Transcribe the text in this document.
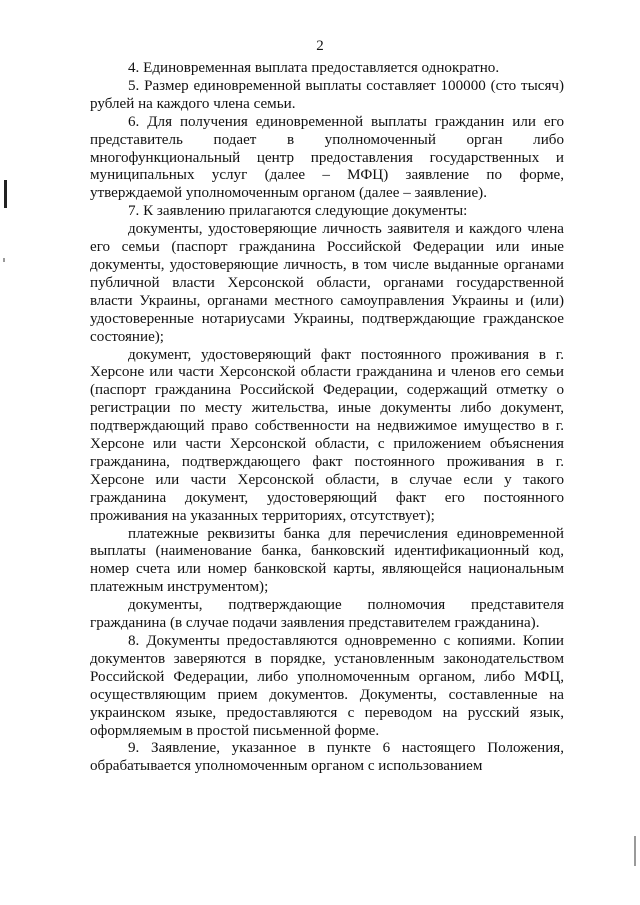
2

4. Единовременная выплата предоставляется однократно.

5. Размер единовременной выплаты составляет 100000 (сто тысяч) рублей на каждого члена семьи.

6. Для получения единовременной выплаты гражданин или его представитель подает в уполномоченный орган либо многофункциональный центр предоставления государственных и муниципальных услуг (далее – МФЦ) заявление по форме, утверждаемой уполномоченным органом (далее – заявление).

7. К заявлению прилагаются следующие документы:

документы, удостоверяющие личность заявителя и каждого члена его семьи (паспорт гражданина Российской Федерации или иные документы, удостоверяющие личность, в том числе выданные органами публичной власти Херсонской области, органами государственной власти Украины, органами местного самоуправления Украины и (или) удостоверенные нотариусами Украины, подтверждающие гражданское состояние);

документ, удостоверяющий факт постоянного проживания в г. Херсоне или части Херсонской области гражданина и членов его семьи (паспорт гражданина Российской Федерации, содержащий отметку о регистрации по месту жительства, иные документы либо документ, подтверждающий право собственности на недвижимое имущество в г. Херсоне или части Херсонской области, с приложением объяснения гражданина, подтверждающего факт постоянного проживания в г. Херсоне или части Херсонской области, в случае если у такого гражданина документ, удостоверяющий факт его постоянного проживания на указанных территориях, отсутствует);

платежные реквизиты банка для перечисления единовременной выплаты (наименование банка, банковский идентификационный код, номер счета или номер банковской карты, являющейся национальным платежным инструментом);

документы, подтверждающие полномочия представителя гражданина (в случае подачи заявления представителем гражданина).

8. Документы предоставляются одновременно с копиями. Копии документов заверяются в порядке, установленным законодательством Российской Федерации, либо уполномоченным органом, либо МФЦ, осуществляющим прием документов. Документы, составленные на украинском языке, предоставляются с переводом на русский язык, оформляемым в простой письменной форме.

9. Заявление, указанное в пункте 6 настоящего Положения, обрабатывается уполномоченным органом с использованием
